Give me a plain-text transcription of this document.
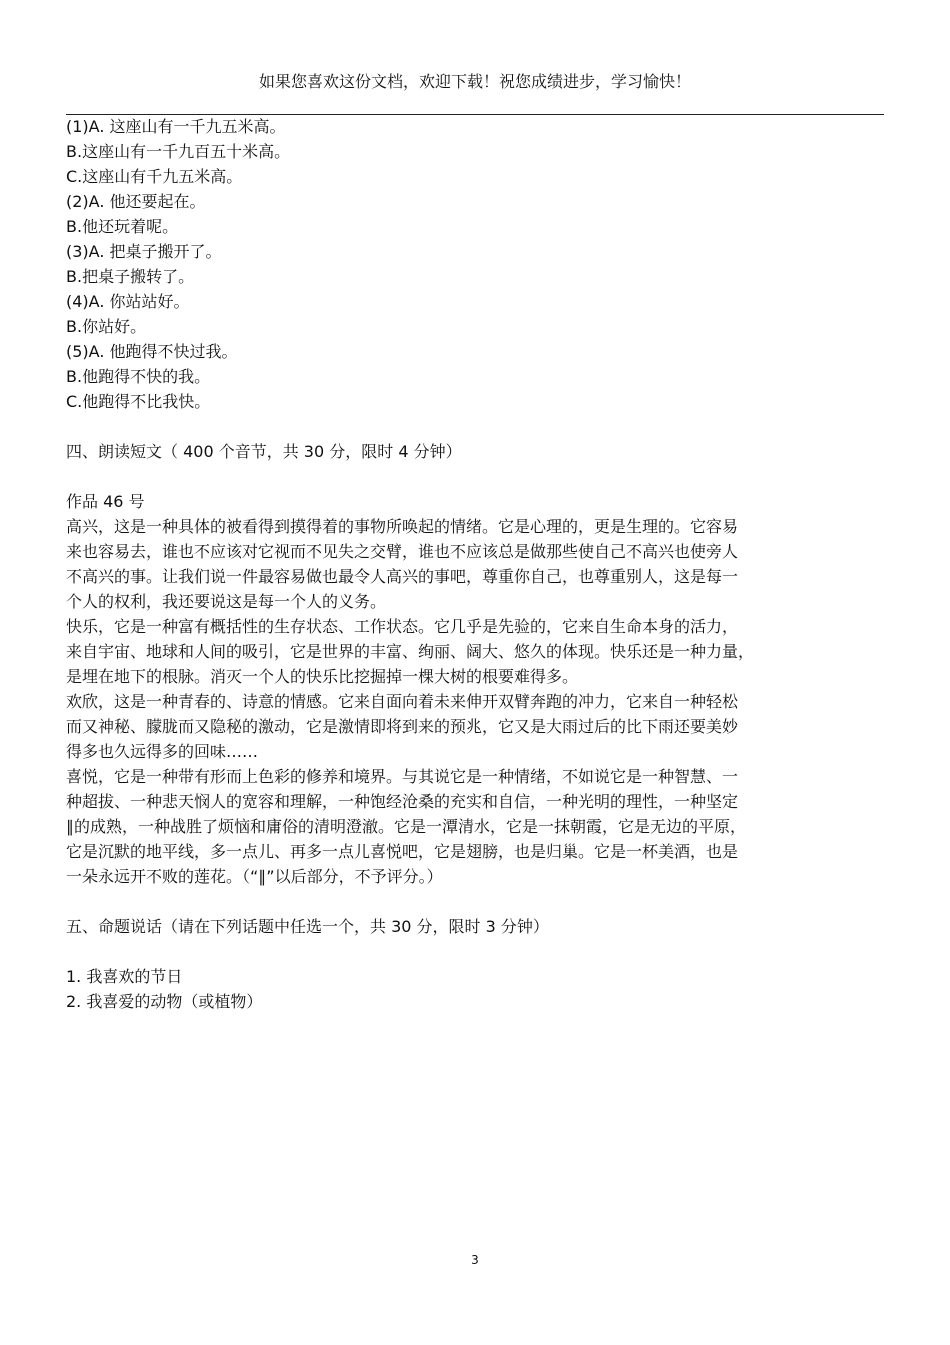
如果您喜欢这份文档，欢迎下载！祝您成绩进步，学习愉快！
(1)A. 这座山有一千九五米高。
B.这座山有一千九百五十米高。
C.这座山有千九五米高。
(2)A. 他还要起在。
B.他还玩着呢。
(3)A. 把桌子搬开了。
B.把桌子搬转了。
(4)A. 你站站好。
B.你站好。
(5)A. 他跑得不快过我。
B.他跑得不快的我。
C.他跑得不比我快。
四、朗读短文（ 400 个音节，共 30 分，限时 4 分钟）
作品 46 号
高兴，这是一种具体的被看得到摸得着的事物所唤起的情绪。它是心理的，更是生理的。它容易
来也容易去，谁也不应该对它视而不见失之交臂，谁也不应该总是做那些使自己不高兴也使旁人
不高兴的事。让我们说一件最容易做也最令人高兴的事吧，尊重你自己，也尊重别人，这是每一
个人的权利，我还要说这是每一个人的义务。
快乐，它是一种富有概括性的生存状态、工作状态。它几乎是先验的，它来自生命本身的活力，
来自宇宙、地球和人间的吸引，它是世界的丰富、绚丽、阔大、悠久的体现。快乐还是一种力量，
是埋在地下的根脉。消灭一个人的快乐比挖掘掉一棵大树的根要难得多。
欢欣，这是一种青春的、诗意的情感。它来自面向着未来伸开双臂奔跑的冲力，它来自一种轻松
而又神秘、朦胧而又隐秘的激动，它是激情即将到来的预兆，它又是大雨过后的比下雨还要美妙
得多也久远得多的回味……
喜悦，它是一种带有形而上色彩的修养和境界。与其说它是一种情绪，不如说它是一种智慧、一
种超拔、一种悲天悯人的宽容和理解，一种饱经沧桑的充实和自信，一种光明的理性，一种坚定
∥的成熟，一种战胜了烦恼和庸俗的清明澄澈。它是一潭清水，它是一抹朝霞，它是无边的平原，
它是沉默的地平线，多一点儿、再多一点儿喜悦吧，它是翅膀，也是归巢。它是一杯美酒，也是
一朵永远开不败的莲花。（“∥”以后部分，不予评分。）
五、命题说话（请在下列话题中任选一个，共 30 分，限时 3 分钟）
1. 我喜欢的节日
2. 我喜爱的动物（或植物）
3
